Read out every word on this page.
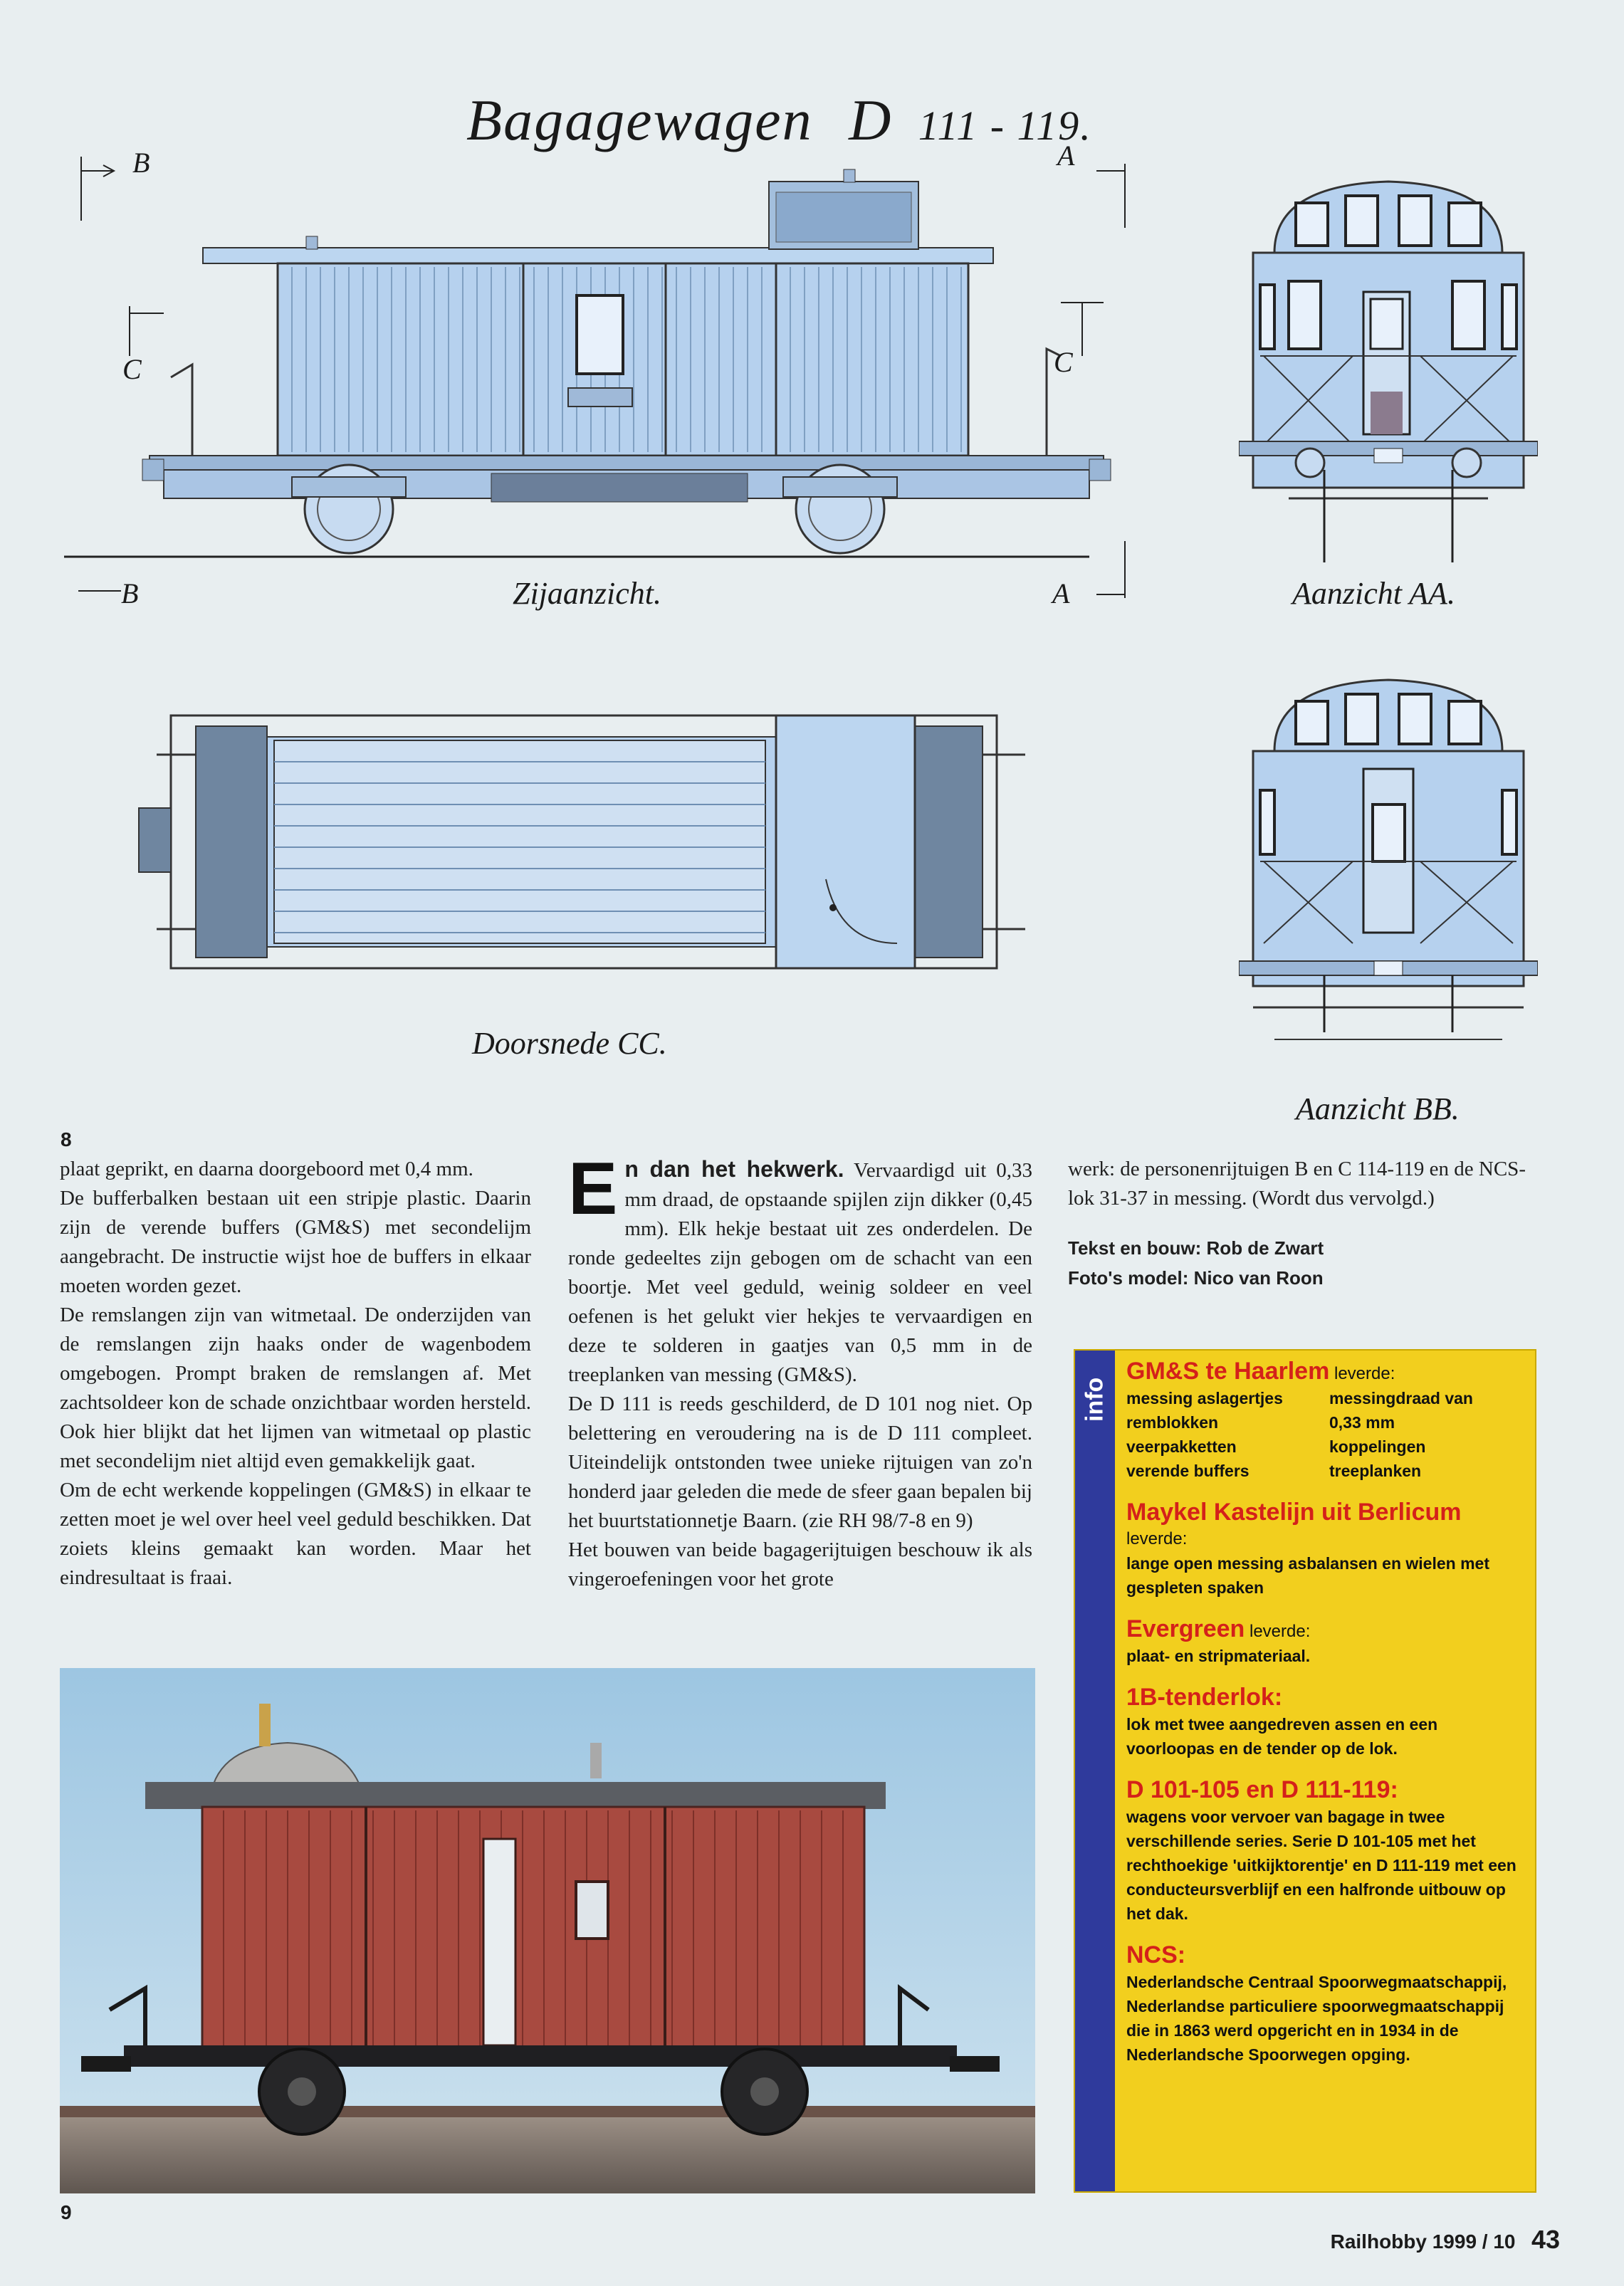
Bagagewagen D 111 - 119.
B
C	C
A
B	A
Zijaanzicht.	Aanzicht AA.
Doorsnede CC.
Aanzicht BB.
8

plaat geprikt, en daarna doorgeboord met 0,4 mm.

De bufferbalken bestaan uit een stripje plastic. Daarin zijn de verende buffers (GM&S) met secondelijm aangebracht. De instructie wijst hoe de buffers in elkaar moeten worden gezet.

De remslangen zijn van witmetaal. De onderzijden van de remslangen zijn haaks onder de wagenbodem omgebogen. Prompt braken de remslangen af. Met zachtsoldeer kon de schade onzichtbaar worden hersteld. Ook hier blijkt dat het lijmen van witmetaal op plastic met secondelijm niet altijd even gemakkelijk gaat.

Om de echt werkende koppelingen (GM&S) in elkaar te zetten moet je wel over heel veel geduld beschikken. Dat zoiets kleins gemaakt kan worden. Maar het eindresultaat is fraai.

En dan het hekwerk. Vervaardigd uit 0,33 mm draad, de opstaande spijlen zijn dikker (0,45 mm). Elk hekje bestaat uit zes onderdelen. De ronde gedeeltes zijn gebogen om de schacht van een boortje. Met veel geduld, weinig soldeer en veel oefenen is het gelukt vier hekjes te vervaardigen en deze te solderen in gaatjes van 0,5 mm in de treeplanken van messing (GM&S).

De D 111 is reeds geschilderd, de D 101 nog niet. Op belettering en veroudering na is de D 111 compleet. Uiteindelijk ontstonden twee unieke rijtuigen van zo'n honderd jaar geleden die mede de sfeer gaan bepalen bij het buurtstationnetje Baarn. (zie RH 98/7-8 en 9)

Het bouwen van beide bagagerijtuigen beschouw ik als vingeroefeningen voor het grote

werk: de personenrijtuigen B en C 114-119 en de NCS-lok 31-37 in messing. (Wordt dus vervolgd.)

Tekst en bouw: Rob de Zwart
Foto's model: Nico van Roon
info
GM&S te Haarlem leverde:
messing aslagertjes	messingdraad van
remblokken	0,33 mm
veerpakketten	koppelingen
verende buffers	treeplanken
Maykel Kastelijn uit Berlicum leverde:
lange open messing asbalansen en wielen met gespleten spaken
Evergreen leverde:
plaat- en stripmateriaal.
1B-tenderlok:
lok met twee aangedreven assen en een voorloopas en de tender op de lok.
D 101-105 en D 111-119:
wagens voor vervoer van bagage in twee verschillende series. Serie D 101-105 met het rechthoekige 'uitkijktorentje' en D 111-119 met een conducteursverblijf en een halfronde uitbouw op het dak.
NCS:
Nederlandsche Centraal Spoorwegmaatschappij, Nederlandse particuliere spoorwegmaatschappij die in 1863 werd opgericht en in 1934 in de Nederlandsche Spoorwegen opging.
9
Railhobby 1999 / 10 43
